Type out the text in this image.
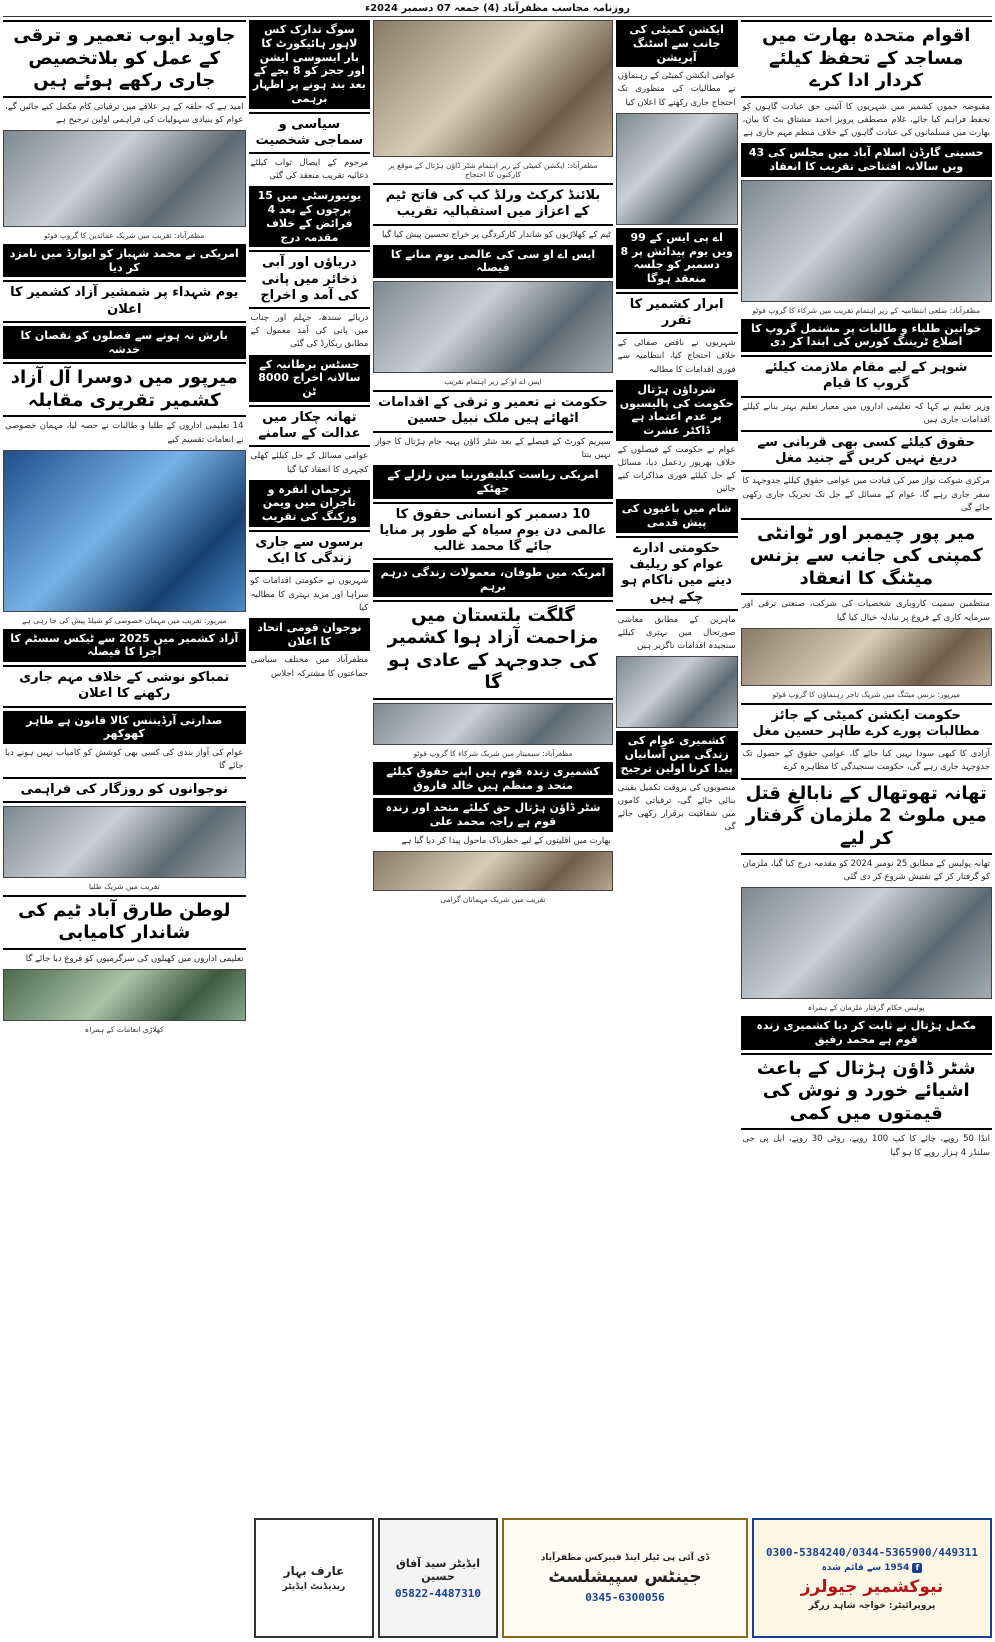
روزنامہ محاسب مظفرآباد (4) جمعہ 07 دسمبر 2024ء
اقوام متحدہ بھارت میں مساجد کے تحفظ کیلئے کردار ادا کرے
مقبوضہ جموں کشمیر میں شہریوں کا آئینی حق عبادت گاہوں کو تحفظ فراہم کیا جائے، غلام مصطفی پرویز احمد مشتاق بٹ کا بیان، بھارت میں مسلمانوں کی عبادت گاہوں کے خلاف منظم مہم جاری ہے
حسینی گارڈن اسلام آباد میں مجلس کی 43 ویں سالانہ افتتاحی تقریب کا انعقاد
مظفرآباد: ضلعی انتظامیہ کے زیر اہتمام تقریب میں شرکاء کا گروپ فوٹو
خواتین طلباء و طالبات پر مشتمل گروپ کا اضلاع ٹریننگ کورس کی ابتدا کر دی
شوہر کے لیے مقام ملازمت کیلئے گروپ کا قیام
وزیر تعلیم نے کہا کہ تعلیمی اداروں میں معیار تعلیم بہتر بنانے کیلئے اقدامات جاری ہیں
حقوق کیلئے کسی بھی قربانی سے دریغ نہیں کریں گے جنید مغل
مرکزی شوکت نواز میر کی قیادت میں عوامی حقوق کیلئے جدوجہد کا سفر جاری رہے گا، عوام کے مسائل کے حل تک تحریک جاری رکھی جائے گی
میر پور چیمبر اور ٹوانٹی کمپنی کی جانب سے بزنس میٹنگ کا انعقاد
منتظمین سمیت کاروباری شخصیات کی شرکت، صنعتی ترقی اور سرمایہ کاری کے فروغ پر تبادلہ خیال کیا گیا
میرپور: بزنس میٹنگ میں شریک تاجر رہنماؤں کا گروپ فوٹو
حکومت ایکشن کمیٹی کے جائز مطالبات پورے کرے طاہر حسین مغل
آزادی کا کبھی سودا نہیں کیا جائے گا، عوامی حقوق کے حصول تک جدوجہد جاری رہے گی، حکومت سنجیدگی کا مظاہرہ کرے
تھانہ تھوتھال کے نابالغ قتل میں ملوث 2 ملزمان گرفتار کر لیے
تھانہ پولیس کے مطابق 25 نومبر 2024 کو مقدمہ درج کیا گیا، ملزمان کو گرفتار کر کے تفتیش شروع کر دی گئی
پولیس حکام گرفتار ملزمان کے ہمراہ
مکمل ہڑتال نے ثابت کر دیا کشمیری زندہ قوم ہے محمد رفیق
شٹر ڈاؤن ہڑتال کے باعث اشیائے خورد و نوش کی قیمتوں میں کمی
انڈا 50 روپے، چائے کا کپ 100 روپے، روٹی 30 روپے، ایل پی جی سلنڈر 4 ہزار روپے کا ہو گیا
ایکشن کمیٹی کی جانب سے اسٹنگ آپریشن
عوامی ایکشن کمیٹی کے رہنماؤں نے مطالبات کی منظوری تک احتجاج جاری رکھنے کا اعلان کیا
اے پی ایس کے 99 ویں یوم پیدائش پر 8 دسمبر کو جلسہ منعقد ہوگا
ابرار کشمیر کا تقرر
شہریوں نے ناقص صفائی کے خلاف احتجاج کیا، انتظامیہ سے فوری اقدامات کا مطالبہ
شرداؤن ہڑتال حکومت کی پالیسیوں پر عدم اعتماد ہے ڈاکٹر عشرت
عوام نے حکومت کے فیصلوں کے خلاف بھرپور ردعمل دیا، مسائل کے حل کیلئے فوری مذاکرات کیے جائیں
شام میں باغیوں کی پیش قدمی
حکومتی ادارے عوام کو ریلیف دینے میں ناکام ہو چکے ہیں
ماہرین کے مطابق معاشی صورتحال میں بہتری کیلئے سنجیدہ اقدامات ناگزیر ہیں
کشمیری عوام کی زندگی میں آسانیاں پیدا کرنا اولین ترجیح
منصوبوں کی بروقت تکمیل یقینی بنائی جائے گی، ترقیاتی کاموں میں شفافیت برقرار رکھی جائے گی
مظفرآباد: ایکشن کمیٹی کے زیر اہتمام شٹر ڈاؤن ہڑتال کے موقع پر کارکنوں کا احتجاج
بلائنڈ کرکٹ ورلڈ کپ کی فاتح ٹیم کے اعزاز میں استقبالیہ تقریب
ٹیم کے کھلاڑیوں کو شاندار کارکردگی پر خراج تحسین پیش کیا گیا
ایس اے او سی کی عالمی یوم منانے کا فیصلہ
ایس اے او کے زیر اہتمام تقریب
حکومت نے تعمیر و ترقی کے اقدامات اٹھائے ہیں ملک نبیل حسین
سپریم کورٹ کے فیصلے کے بعد شٹر ڈاؤن پہیہ جام ہڑتال کا جواز نہیں بنتا
امریکی ریاست کیلیفورنیا میں زلزلے کے جھٹکے
10 دسمبر کو انسانی حقوق کا عالمی دن یوم سیاہ کے طور پر منایا جائے گا محمد غالب
امریکہ میں طوفان، معمولات زندگی درہم برہم
گلگت بلتستان میں مزاحمت آزاد ہوا کشمیر کی جدوجہد کے عادی ہو گا
مظفرآباد: سیمینار میں شریک شرکاء کا گروپ فوٹو
کشمیری زندہ قوم ہیں اپنے حقوق کیلئے متحد و منظم ہیں خالد فاروق
شٹر ڈاؤن ہڑتال حق کیلئے متحد اور زندہ قوم ہے راجہ محمد علی
بھارت میں اقلیتوں کے لیے خطرناک ماحول پیدا کر دیا گیا ہے
تقریب میں شریک مہمانان گرامی
سوگ تدارک کس لاہور ہائیکورٹ کا بار ایسوسی ایشن اور ججز کو 8 بجے کے بعد بند ہونے پر اظہار برہمی
سیاسی و سماجی شخصیت
مرحوم کے ایصال ثواب کیلئے دعائیہ تقریب منعقد کی گئی
یونیورسٹی میں 15 پرچوں کے بعد 4 فرائض کے خلاف مقدمہ درج
دریاؤں اور آبی ذخائر میں پانی کی آمد و اخراج
دریائے سندھ، جہلم اور چناب میں پانی کی آمد معمول کے مطابق ریکارڈ کی گئی
جسٹس برطانیہ کے سالانہ اخراج 8000 ٹن
تھانہ چکار میں عدالت کے سامنے
عوامی مسائل کے حل کیلئے کھلی کچہری کا انعقاد کیا گیا
ترجمان انقرہ و تاجران میں ویمن ورکنگ کی تقریب
برسوں سے جاری زندگی کا ایک
شہریوں نے حکومتی اقدامات کو سراہا اور مزید بہتری کا مطالبہ کیا
نوجوان قومی اتحاد کا اعلان
مظفرآباد میں مختلف سیاسی جماعتوں کا مشترکہ اجلاس
جاوید ایوب تعمیر و ترقی کے عمل کو بلاتخصیص جاری رکھے ہوئے ہیں
امید ہے کہ حلقہ کے ہر علاقے میں ترقیاتی کام مکمل کیے جائیں گے، عوام کو بنیادی سہولیات کی فراہمی اولین ترجیح ہے
مظفرآباد: تقریب میں شریک عمائدین کا گروپ فوٹو
امریکی نے محمد شہباز کو ایوارڈ میں نامزد کر دیا
یوم شہداء پر شمشیر آزاد کشمیر کا اعلان
بارش نہ ہونے سے فصلوں کو نقصان کا خدشہ
میرپور میں دوسرا آل آزاد کشمیر تقریری مقابلہ
14 تعلیمی اداروں کے طلبا و طالبات نے حصہ لیا، مہمان خصوصی نے انعامات تقسیم کیے
میرپور: تقریب میں مہمان خصوصی کو شیلڈ پیش کی جا رہی ہے
آزاد کشمیر میں 2025 سے ٹیکس سسٹم کا اجرا کا فیصلہ
تمباکو نوشی کے خلاف مہم جاری رکھنے کا اعلان
صدارتی آرڈیننس کالا قانون ہے طاہر کھوکھر
عوام کی آواز بندی کی کسی بھی کوشش کو کامیاب نہیں ہونے دیا جائے گا
نوجوانوں کو روزگار کی فراہمی
تقریب میں شریک طلبا
لوطن طارق آباد ٹیم کی شاندار کامیابی
تعلیمی اداروں میں کھیلوں کی سرگرمیوں کو فروغ دیا جائے گا
کھلاڑی انعامات کے ہمراہ
0300-5384240/0344-5365900/449311
f 1954 سے قائم شدہ
نیوکشمیر جیولرز
پروپرائیٹر: خواجہ شاہد زرگر
ڈی آئی پی ٹیلر اینڈ فیبرکس مظفرآباد
جینٹس سپیشلسٹ
0345-6300056
ایڈیٹر سید آفاق حسین
05822-4487310
عارف بہار
ریذیڈنٹ ایڈیٹر
